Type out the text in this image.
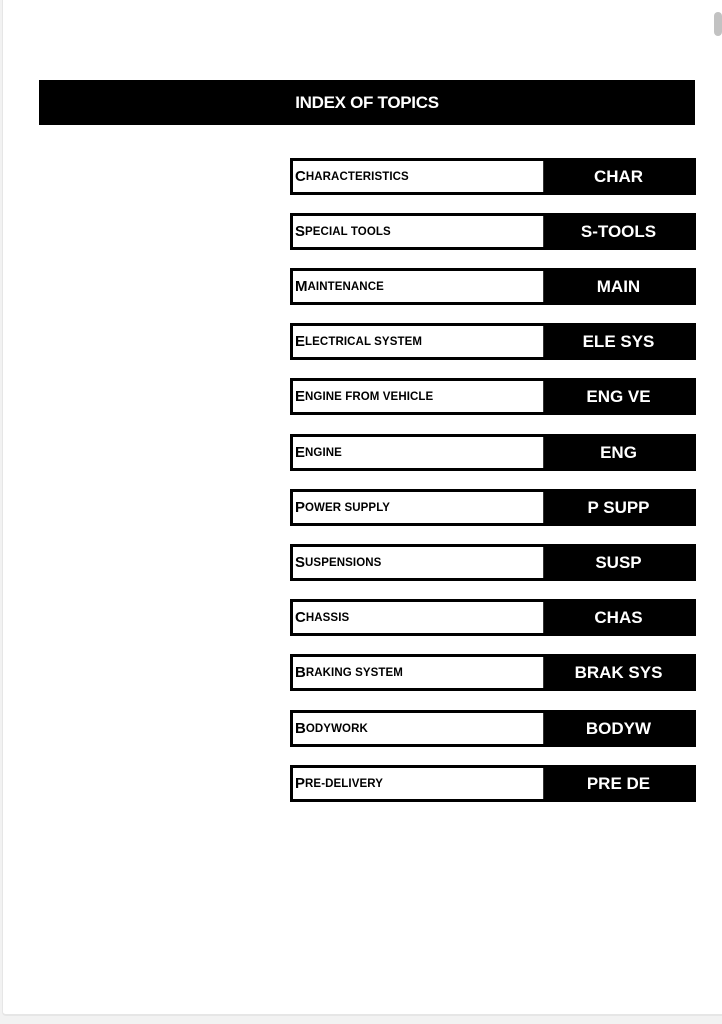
INDEX OF TOPICS
C HARACTERISTICS	CHAR
S PECIAL TOOLS	S-TOOLS
M AINTENANCE	MAIN
E LECTRICAL SYSTEM	ELE SYS
E NGINE FROM VEHICLE	ENG VE
E NGINE	ENG
P OWER SUPPLY	P SUPP
S USPENSIONS	SUSP
C HASSIS	CHAS
B RAKING SYSTEM	BRAK SYS
B ODYWORK	BODYW
P RE-DELIVERY	PRE DE
